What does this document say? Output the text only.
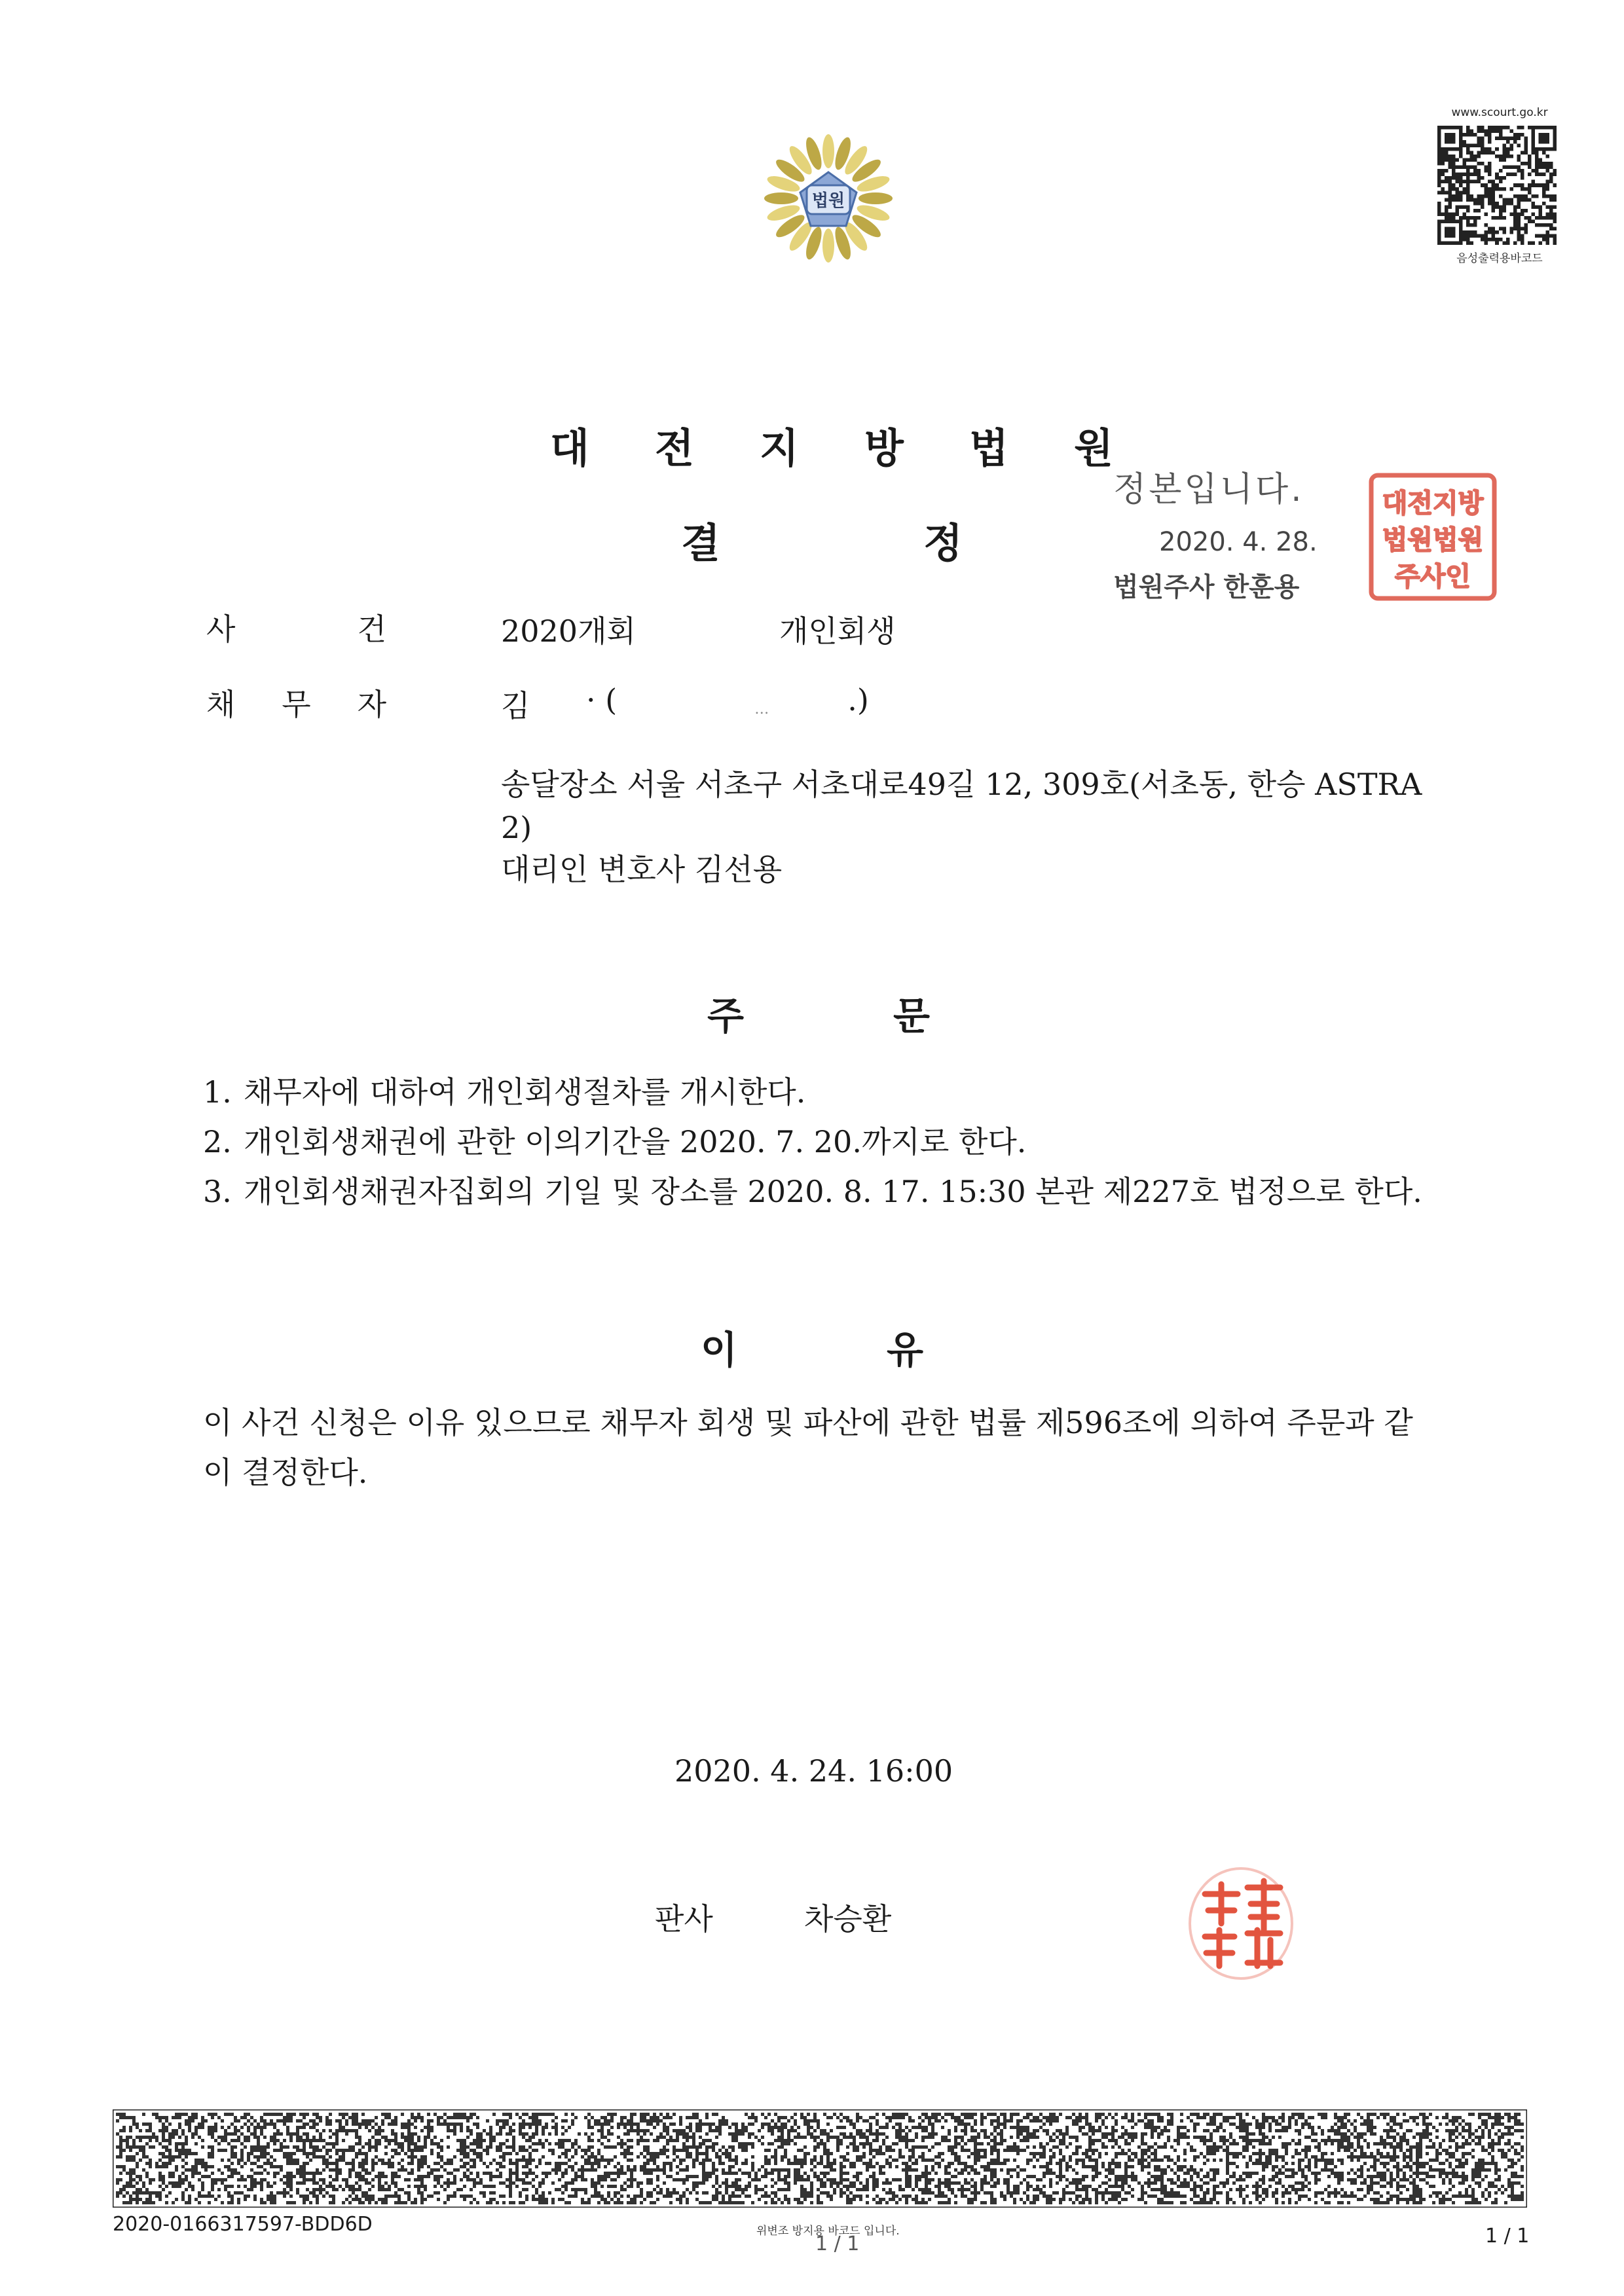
법원
www.scourt.go.kr
음성출력용바코드
대 전 지 방 법 원
결	정
정본입니다.
2020. 4. 28.
법원주사 한훈용
대전지방
법원법원
주사인
사	건	2020개회	개인회생
채 무 자	김 · (	…	.)
송달장소 서울 서초구 서초대로49길 12, 309호(서초동, 한승 ASTRA 2)
대리인 변호사 김선용
주	문
1. 채무자에 대하여 개인회생절차를 개시한다.
2. 개인회생채권에 관한 이의기간을 2020. 7. 20.까지로 한다.
3. 개인회생채권자집회의 기일 및 장소를 2020. 8. 17. 15:30 본관 제227호 법정으로 한다.
이	유
이 사건 신청은 이유 있으므로 채무자 회생 및 파산에 관한 법률 제596조에 의하여 주문과 같이 결정한다.
2020. 4. 24. 16:00
판사	차승환
2020-0166317597-BDD6D	위변조 방지용 바코드 입니다.
1 / 1	1 / 1
